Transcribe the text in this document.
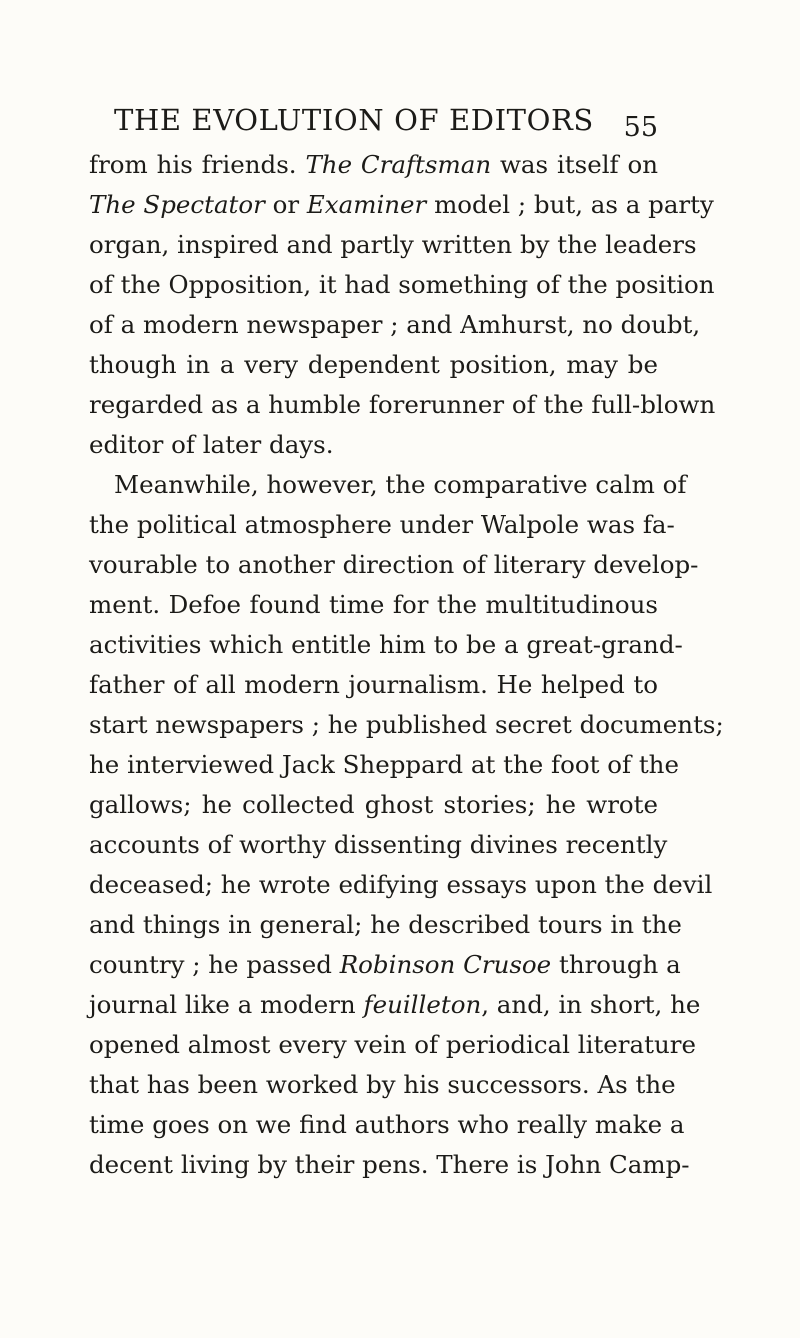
THE EVOLUTION OF EDITORS 55
from his friends. The Craftsman was itself on
The Spectator or Examiner model ; but, as a party
organ, inspired and partly written by the leaders
of the Opposition, it had something of the position
of a modern newspaper ; and Amhurst, no doubt,
though in a very dependent position, may be
regarded as a humble forerunner of the full-blown
editor of later days.
Meanwhile, however, the comparative calm of
the political atmosphere under Walpole was fa-
vourable to another direction of literary develop-
ment. Defoe found time for the multitudinous
activities which entitle him to be a great-grand-
father of all modern journalism. He helped to
start newspapers ; he published secret documents;
he interviewed Jack Sheppard at the foot of the
gallows; he collected ghost stories; he wrote
accounts of worthy dissenting divines recently
deceased; he wrote edifying essays upon the devil
and things in general; he described tours in the
country ; he passed Robinson Crusoe through a
journal like a modern feuilleton, and, in short, he
opened almost every vein of periodical literature
that has been worked by his successors. As the
time goes on we find authors who really make a
decent living by their pens. There is John Camp-
